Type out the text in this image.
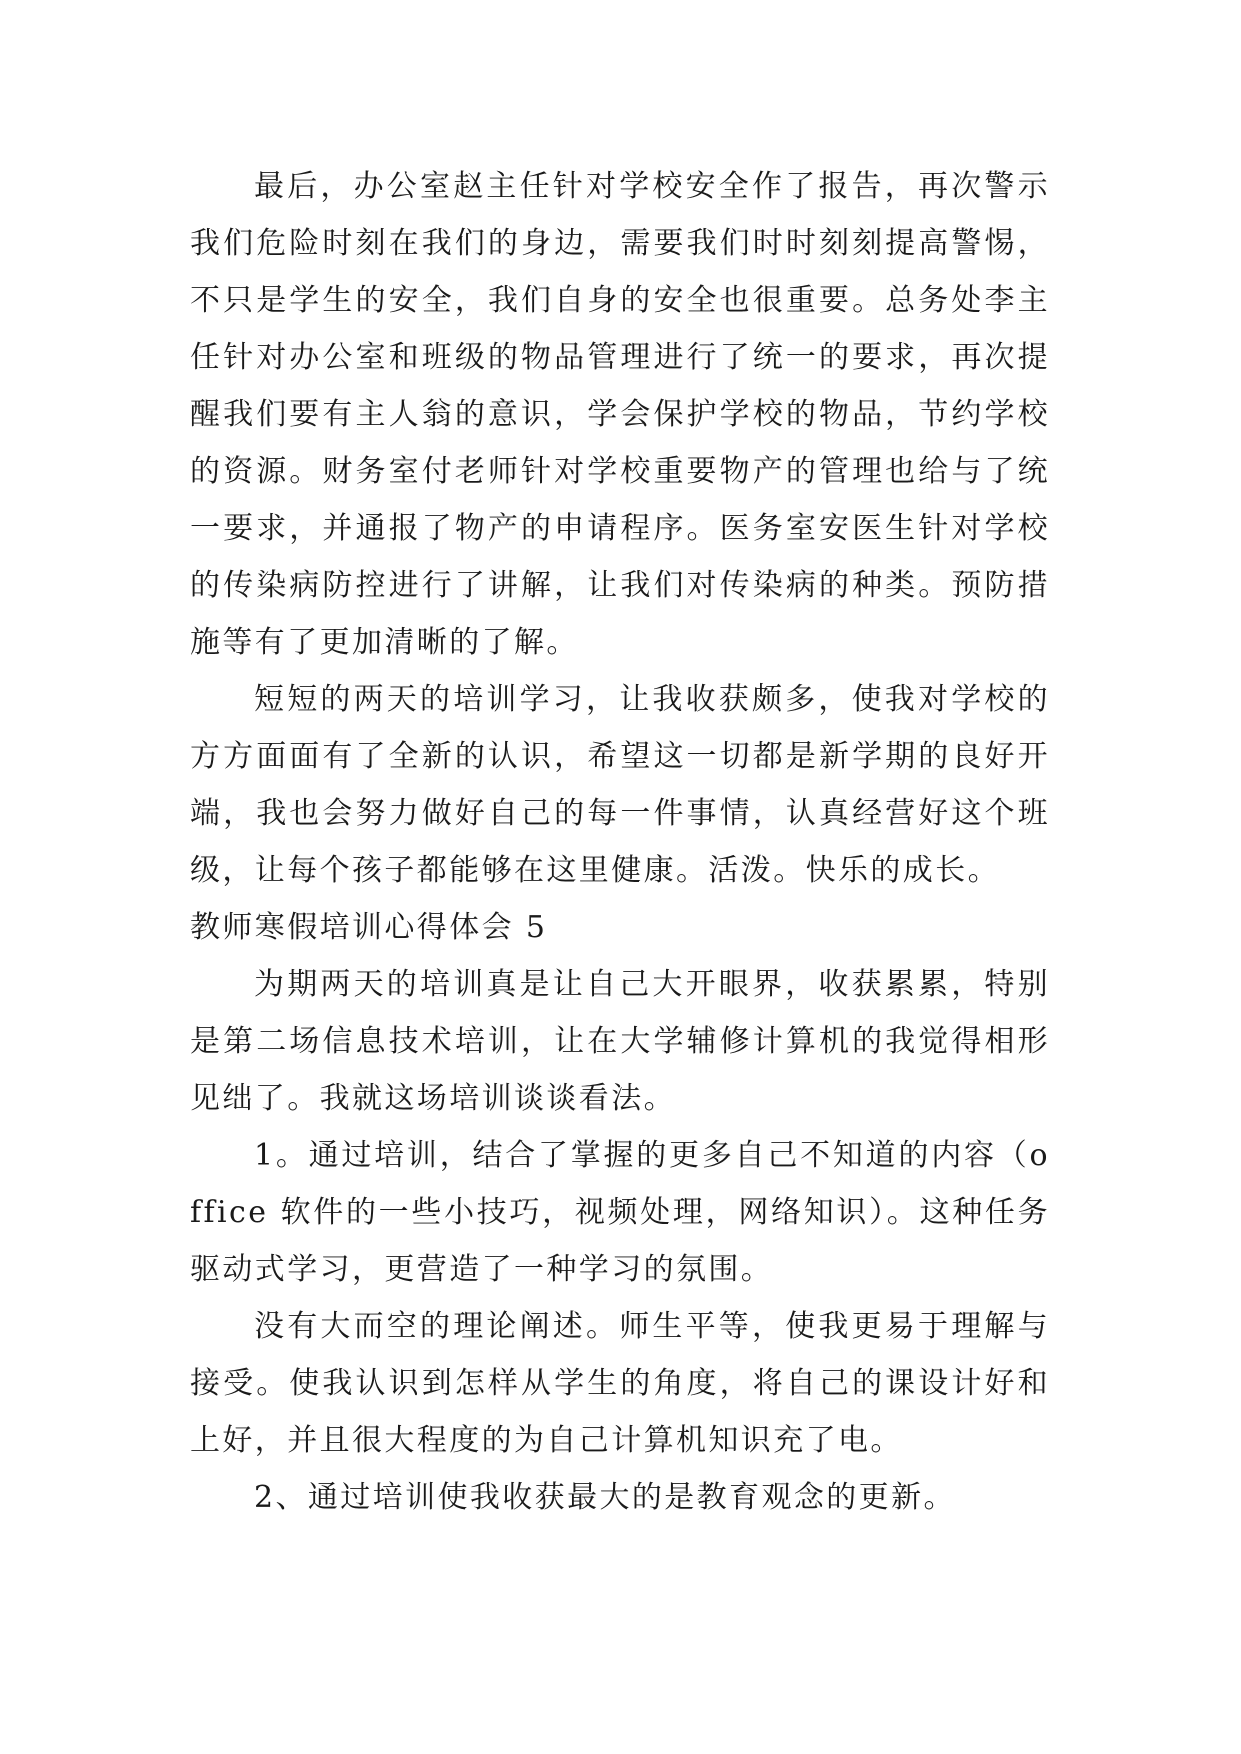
最后，办公室赵主任针对学校安全作了报告，再次警示我们危险时刻在我们的身边，需要我们时时刻刻提高警惕，不只是学生的安全，我们自身的安全也很重要。总务处李主任针对办公室和班级的物品管理进行了统一的要求，再次提醒我们要有主人翁的意识，学会保护学校的物品，节约学校的资源。财务室付老师针对学校重要物产的管理也给与了统一要求，并通报了物产的申请程序。医务室安医生针对学校的传染病防控进行了讲解，让我们对传染病的种类。预防措施等有了更加清晰的了解。

短短的两天的培训学习，让我收获颇多，使我对学校的方方面面有了全新的认识，希望这一切都是新学期的良好开端，我也会努力做好自己的每一件事情，认真经营好这个班级，让每个孩子都能够在这里健康。活泼。快乐的成长。

教师寒假培训心得体会 5

为期两天的培训真是让自己大开眼界，收获累累，特别是第二场信息技术培训，让在大学辅修计算机的我觉得相形见绌了。我就这场培训谈谈看法。

1。通过培训，结合了掌握的更多自己不知道的内容（office 软件的一些小技巧，视频处理，网络知识）。这种任务驱动式学习，更营造了一种学习的氛围。

没有大而空的理论阐述。师生平等，使我更易于理解与接受。使我认识到怎样从学生的角度，将自己的课设计好和上好，并且很大程度的为自己计算机知识充了电。

2、通过培训使我收获最大的是教育观念的更新。
